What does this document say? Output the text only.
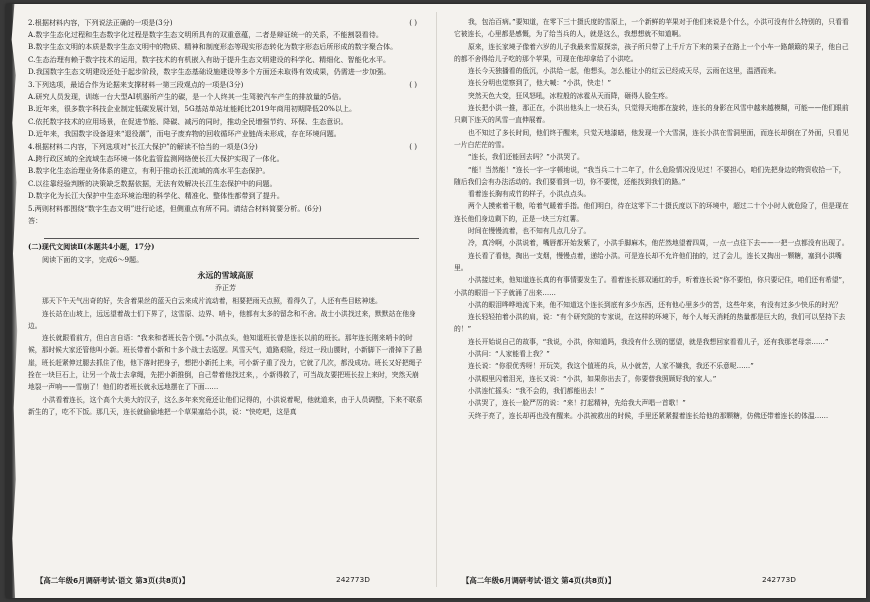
2.根据材料内容，下列说法正确的一项是(3分)	( )

A.数字生态化过程和生态数字化过程是数字生态文明所具有的双重意蕴，二者是辩证统一的关系，不能割裂看待。

B.数字生态文明的本质是数字生态文明中的物质、精神和制度形态等现实形态转化为数字形态后所形成的数字聚合体。

C.生态治理有赖于数字技术的运用，数字技术的有机嵌入有助于提升生态文明建设的科学化、精细化、智能化水平。

D.我国数字生态文明建设还处于起步阶段，数字生态基础设施建设等多个方面还未取得有效成果，仍需进一步加强。

3.下列选项，最适合作为论据来支撑材料一第三段观点的一项是(3分)	( )

A.研究人员发现，训练一台大型AI机器所产生的碳，是一个人终其一生驾驶汽车产生的排放量的5倍。

B.近年来，很多数字科技企业制定低碳发展计划，5G基站单站址能耗比2019年商用初期降低20%以上。

C.依托数字技术的应用场景，在促进节能、降碳、减污的同时，推动全民增强节约、环保、生态意识。

D.近年来，我国数字设备迎来“退役潮”，而电子废弃物的回收循环产业链尚未形成，存在环境问题。

4.根据材料二内容，下列选项对“长江大保护”的解读不恰当的一项是(3分)	( )

A.跨行政区域的全流域生态环境一体化监管监测网络使长江大保护实现了一体化。

B.数字化生态治理业务体系的建立，有利于推动长江流域的高水平生态保护。

C.以往靠经验判断的决策缺乏数据依据，无法有效解决长江生态保护中的问题。

D.数字化为长江大保护中生态环境治理的科学化、精准化、整体性都带到了提升。

5.两则材料都围绕“数字生态文明”进行论述，但侧重点有所不同。请结合材料简要分析。(6分)

答：

(二)现代文阅读Ⅱ(本题共4小题，17分)

阅读下面的文字，完成6～9题。

永远的雪域高原

乔正芳

那天下午天气出奇的好，失含着果丝的蓝天白云来成片流动着，相要把雨天点照，看得久了，人还有些目眩神迷。

连长站在山坡上，远远望着战士们下界了，这雪原、边界、哨卡，他都有太多的留念和不舍。战士小洪找过来，默默站在他身边。

连长就跟看前方，但自言自语：“我来和者班长告个别。”小洪点头，他知道班长曾是连长以前的班长。那年连长刚来哨卡的时候，那时候大家还管他叫小新。班长带着小新和十多个战士去巡逻。风雪天气，道路艰险，经过一段山腰时，小新脚下一滑掉下了悬崖，班长赶紧伸过腿去抓住了他，他下落时把身子，想把小新托上来，可小新子重了没力，它就了几次，都没成功。班长又好把绳子拴在一块巨石上，让另一个战士去拿绳，先把小新推倒，自己带着他找过来，，小新得救了，可当战友要把班长拉上来时，突然天崩地裂一声响——雪崩了！他们的者班长就永远地摆在了下面……

小洪看着连长，这个高个大美大的汉子，这么多年来究竟还让他们记得的，小洪说着呢，他就道来，由于人员调整，下来不联系新生的了，吃不下饭。那几天，连长就偷偷地把一个草果塞给小洪，说：“快吃吧，这是真

我，包治百病。”要知道，在零下三十摄氏度的雪原上，一个新鲜的苹果对于他们来说是个什么，小洪可没有什么特别的，只看看它被连长，心里都是感慨，为了给当兵的人，就是这么，我想想就不知道啊。

原来，连长家境子像着六岁的儿子我最来雪原探亲，孩子所只带了上千斤方下来的果子在路上一个小车一路颠簸的果子，他自己的都不舍得给儿子吃的那个苹果，可现在他却拿给了小洪吃。

连长今天独播看的低沉，小洪给一起，他想头，怎么能让小的红云已经成天尽，云雨在这里，温洒而来。

连长分明也觉察到了，他大喊：“小洪，快走！”

突然天色大变，狂风怒吼，冰粒般的冰雹从天而降，砸得人脸生疼。

连长把小洪一推，那正在，小洪出他头上一块石头，只觉得天地都在旋转，连长的身影在风雪中越来越模糊，可能——他们眼前只剩下连天的风雪一直伸展着。

也不知过了多长时间，他们终于醒来，只觉天地漆暗，他发现一个大雪洞，连长小洪在雪洞里面，而连长却倒在了外面，只看见一片白茫茫的雪。

“连长，我们还能回去吗？”小洪哭了。

“能！当然能！”连长一字一字顿地说，“我当兵二十二年了，什么危险情况没见过！不要担心，咱们先把身边的物资收拾一下，随后我们会有办法活动的。我们要看到一切，你不要慌，还能找到我们的路。”

看着连长胸有成竹的样子，小洪点点头。

两个人摸索着干粮，哈着气暖着手指。他们明白，待在这零下二十摄氏度以下的环境中，超过二十个小时人就危险了，但是现在连长他们身边剩下的，正是一块三方红薯。

时间在慢慢流着，也不知有几点几分了。

冷，真冷啊，小洪说着，嘴唇都开始发紫了，小洪手脚麻木，他茫然地望着四周，一点一点往下去——一把一点都没有出现了。

连长看了看他，掏出一支烟，慢慢点着，递给小洪。可是连长却不允许他们抽的，过了会儿，连长又掏出一颗糖，塞到小洪嘴里。

小洪接过来，他知道连长真的有事情要发生了。看着连长那双通红的手，听着连长说“你不要怕，你只要记住，咱们还有希望”，小洪的眼泪一下子就涌了出来……

小洪的眼泪哗哗地流下来，他不知道这个连长到底有多少东西，还有他心里多少的苦，这些年来，有没有过多少快乐的时光？

连长轻轻拍着小洪的肩，说：“有个研究院的专家说，在这样的环境下，每个人每天消耗的热量都是巨大的，我们可以坚持下去的！”

连长开始说自己的故事，“我说，小洪，你知道吗，我没有什么别的愿望，就是我想回家看看儿子，还有我那老母亲……”

小洪问：“人家能看上我？”

连长说：“你很优秀呀！开玩笑，我这个值班的兵，从小就苦，人家不嫌我，我还不乐意呢……”

小洪眼里闪着泪光，连长又说：“小洪，如果你出去了，你要替我照顾好我的家人。”

小洪连忙摇头：“我不会的，我们都能出去！”

小洪哭了，连长一脸严厉的说：“来！打起精神，先给我大声唱一首歌！”

天终于亮了，连长却再也没有醒来。小洪被救出的时候，手里还紧紧握着连长给他的那颗糖，仿佛还带着连长的体温……

【高二年级6月调研考试·语文 第3页(共8页)】	242773D	【高二年级6月调研考试·语文 第4页(共8页)】	242773D
